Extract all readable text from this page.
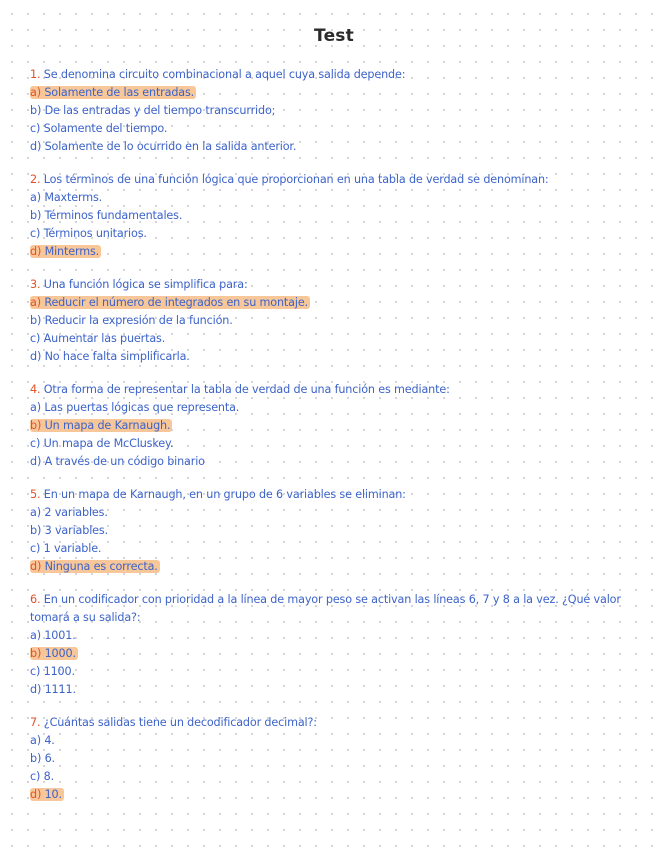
Test
1. Se denomina circuito combinacional a aquel cuya salida depende:
a) Solamente de las entradas.
b) De las entradas y del tiempo transcurrido;
c) Solamente del tiempo.
d) Solamente de lo ocurrido en la salida anterior.
2. Los términos de una función lógica que proporcionan en una tabla de verdad se denominan:
a) Maxterms.
b) Términos fundamentales.
c) Términos unitarios.
d) Minterms.
3. Una función lógica se simplifica para:
a) Reducir el número de integrados en su montaje.
b) Reducir la expresión de la función.
c) Aumentar las puertas.
d) No hace falta simplificarla.
4. Otra forma de representar la tabla de verdad de una función es mediante:
a) Las puertas lógicas que representa.
b) Un mapa de Karnaugh.
c) Un mapa de McCluskey.
d) A través de un código binario
5. En un mapa de Karnaugh, en un grupo de 6 variables se eliminan:
a) 2 variables.
b) 3 variables.
c) 1 variable.
d) Ninguna es correcta.
6. En un codificador con prioridad a la línea de mayor peso se activan las líneas 6, 7 y 8 a la vez. ¿Qué valor tomará a su salida?:
a) 1001.
b) 1000.
c) 1100.
d) 1111.
7. ¿Cuántas salidas tiene un decodificador decimal?:
a) 4.
b) 6.
c) 8.
d) 10.
